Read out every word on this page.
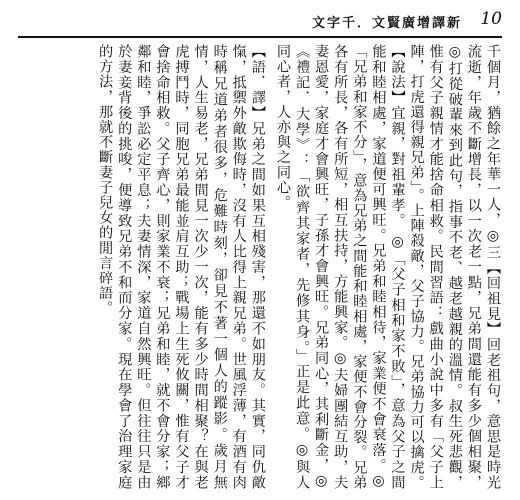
文字千．文賢廣增譯新 10

千個月，猶餘之年華一人，◎三【回祖見】回老祖句，意思是時光流逝，年歲不斷增長，以一次老一點，兄弟間還能有多少個相聚，◎打從破輩來到此句，指事不老、越老越親的溫情。叔生死悲觀，惟有父子親情才能捨命相救。民間習語：戲曲小說中多有「父子上陣，打虎還得親兄弟」。上陣殺敵，父子協力。兄弟協力可以擒虎。【說法】宜親，對祖輩孝。 ◎「父子相和家不敗」，意為父子之間能和睦相處，家道便可興旺。兄弟和睦相待，家業便不會衰落。◎「兄弟和家不分」，意為兄弟之間能和睦相處，家便不會分裂。兄弟各有所長，各有所短，相互扶持，方能興家。◎夫婦團結互助，夫妻恩愛，家庭才會興旺，子孫才會興旺。兄弟同心，其利斷金，◎《禮記．大學》：「欲齊其家者，先修其身。」正是此意。◎與人同心者，人亦與之同心。

【語．譯】兄弟之間如果互相殘害，那還不如朋友。其實，同仇敵愾，抵禦外敵欺侮時，沒有人比得上親兄弟。世風浮薄，有酒有肉時稱兄道弟者很多，危難時刻，卻見不著一個人的蹤影。歲月無情，人生易老，兄弟間見一次少一次，能有多少時間相聚？在與老虎搏鬥時，同胞兄弟最能並肩互助；戰場上生死攸關，惟有父子才會捨命相救。父子齊心，則家業不衰；兄弟和睦，就不會分家；鄉鄰和睦，爭訟必定平息；夫妻情深，家道自然興旺。但往往只是由於妻妾背後的挑唆，便導致兄弟不和而分家。現在學會了治理家庭的方法，那就不斷妻子兒女的閒言碎語。
